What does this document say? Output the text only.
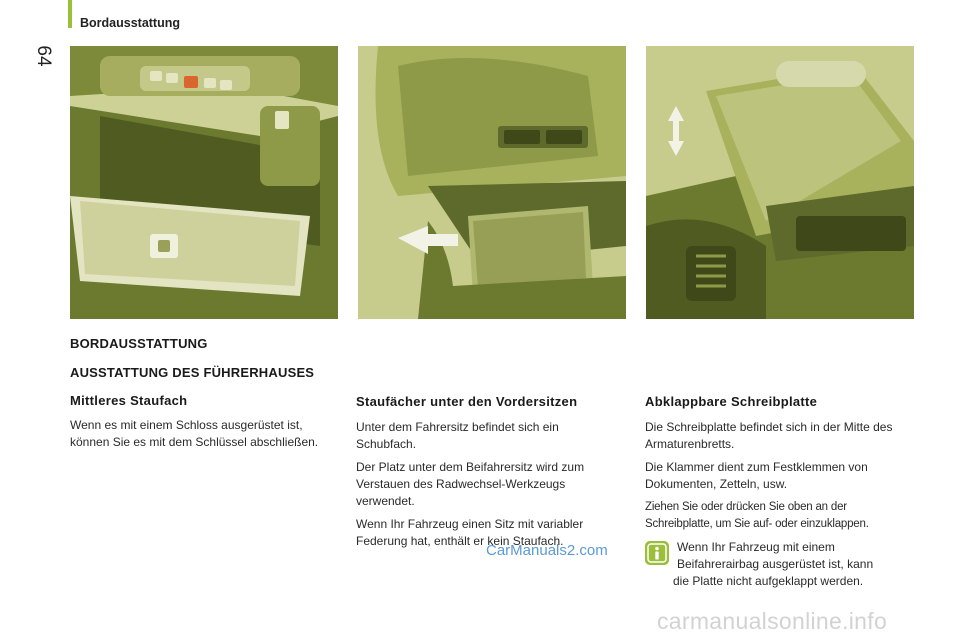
64
Bordausstattung
BORDAUSSTATTUNG
AUSSTATTUNG DES FÜHRERHAUSES
Mittleres Staufach

Wenn es mit einem Schloss ausgerüstet ist, können Sie es mit dem Schlüssel abschließen.

Staufächer unter den Vordersitzen

Unter dem Fahrersitz befindet sich ein Schubfach.

Der Platz unter dem Beifahrersitz wird zum Verstauen des Radwechsel-Werkzeugs verwendet.

Wenn Ihr Fahrzeug einen Sitz mit variabler Federung hat, enthält er kein Staufach.

Abklappbare Schreibplatte

Die Schreibplatte befindet sich in der Mitte des Armaturenbretts.

Die Klammer dient zum Festklemmen von Dokumenten, Zetteln, usw.

Ziehen Sie oder drücken Sie oben an der Schreibplatte, um Sie auf- oder einzuklappen.

Wenn Ihr Fahrzeug mit einem Beifahrerairbag ausgerüstet ist, kann
die Platte nicht aufgeklappt werden.

CarManuals2.com
carmanualsonline.info
